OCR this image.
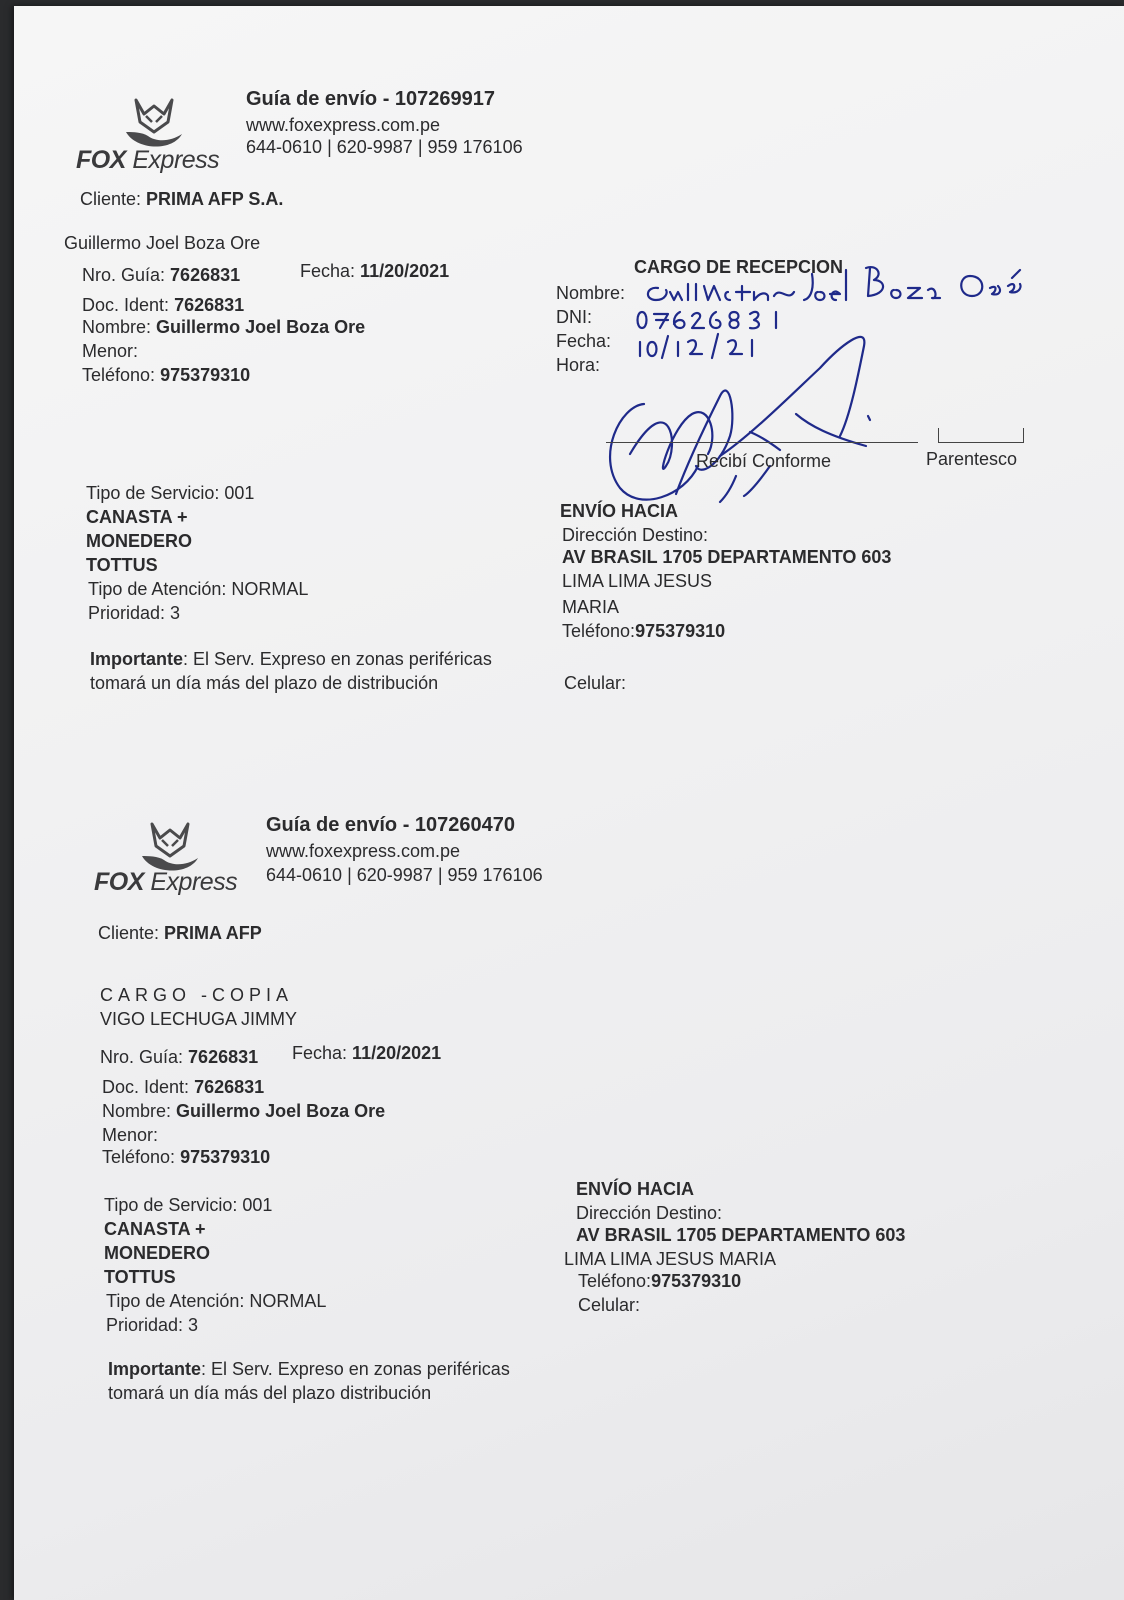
FOX Express
Guía de envío - 107269917
www.foxexpress.com.pe
644-0610 | 620-9987 | 959 176106
Cliente: PRIMA AFP S.A.
Guillermo Joel Boza Ore
Nro. Guía: 7626831	Fecha: 11/20/2021
Doc. Ident: 7626831
Nombre: Guillermo Joel Boza Ore
Menor:
Teléfono: 975379310
Tipo de Servicio: 001
CANASTA +
MONEDERO
TOTTUS
Tipo de Atención: NORMAL
Prioridad: 3
Importante: El Serv. Expreso en zonas periféricas
tomará un día más del plazo de distribución
CARGO DE RECEPCION
Nombre:
DNI:
Fecha:
Hora:
Recibí Conforme	Parentesco
ENVÍO HACIA
Dirección Destino:
AV BRASIL 1705 DEPARTAMENTO 603
LIMA LIMA JESUS
MARIA
Teléfono:975379310
Celular:
FOX Express
Guía de envío - 107260470
www.foxexpress.com.pe
644-0610 | 620-9987 | 959 176106
Cliente: PRIMA AFP
CARGO -COPIA
VIGO LECHUGA JIMMY
Nro. Guía: 7626831 Fecha: 11/20/2021
Doc. Ident: 7626831
Nombre: Guillermo Joel Boza Ore
Menor:
Teléfono: 975379310
Tipo de Servicio: 001
CANASTA +
MONEDERO
TOTTUS
Tipo de Atención: NORMAL
Prioridad: 3
Importante: El Serv. Expreso en zonas periféricas
tomará un día más del plazo distribución
ENVÍO HACIA
Dirección Destino:
AV BRASIL 1705 DEPARTAMENTO 603
LIMA LIMA JESUS MARIA
Teléfono:975379310
Celular:
